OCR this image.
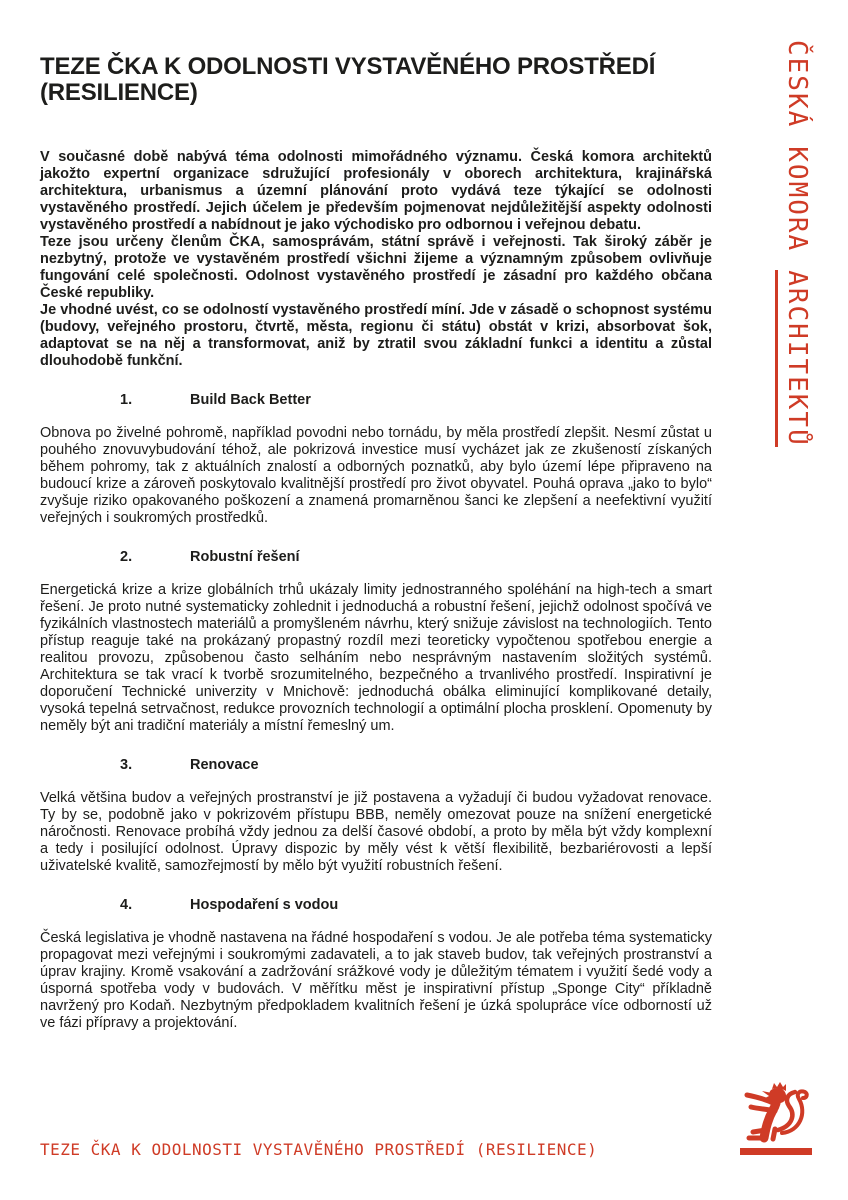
TEZE ČKA K ODOLNOSTI VYSTAVĚNÉHO PROSTŘEDÍ (RESILIENCE)

V současné době nabývá téma odolnosti mimořádného významu. Česká komora architektů jakožto expertní organizace sdružující profesionály v oborech architektura, krajinářská architektura, urbanismus a územní plánování proto vydává teze týkající se odolnosti vystavěného prostředí. Jejich účelem je především pojmenovat nejdůležitější aspekty odolnosti vystavěného prostředí a nabídnout je jako východisko pro odbornou i veřejnou debatu.

Teze jsou určeny členům ČKA, samosprávám, státní správě i veřejnosti. Tak široký záběr je nezbytný, protože ve vystavěném prostředí všichni žijeme a významným způsobem ovlivňuje fungování celé společnosti. Odolnost vystavěného prostředí je zásadní pro každého občana České republiky.

Je vhodné uvést, co se odolností vystavěného prostředí míní. Jde v zásadě o schopnost systému (budovy, veřejného prostoru, čtvrtě, města, regionu či státu) obstát v krizi, absorbovat šok, adaptovat se na něj a transformovat, aniž by ztratil svou základní funkci a identitu a zůstal dlouhodobě funkční.

1.	Build Back Better

Obnova po živelné pohromě, například povodni nebo tornádu, by měla prostředí zlepšit. Nesmí zůstat u pouhého znovuvybudování téhož, ale pokrizová investice musí vycházet jak ze zkušeností získaných během pohromy, tak z aktuálních znalostí a odborných poznatků, aby bylo území lépe připraveno na budoucí krize a zároveň poskytovalo kvalitnější prostředí pro život obyvatel. Pouhá oprava „jako to bylo“ zvyšuje riziko opakovaného poškození a znamená promarněnou šanci ke zlepšení a neefektivní využití veřejných i soukromých prostředků.

2.	Robustní řešení

Energetická krize a krize globálních trhů ukázaly limity jednostranného spoléhání na high-tech a smart řešení. Je proto nutné systematicky zohlednit i jednoduchá a robustní řešení, jejichž odolnost spočívá ve fyzikálních vlastnostech materiálů a promyšleném návrhu, který snižuje závislost na technologiích. Tento přístup reaguje také na prokázaný propastný rozdíl mezi teoreticky vypočtenou spotřebou energie a realitou provozu, způsobenou často selháním nebo nesprávným nastavením složitých systémů. Architektura se tak vrací k tvorbě srozumitelného, bezpečného a trvanlivého prostředí. Inspirativní je doporučení Technické univerzity v Mnichově: jednoduchá obálka eliminující komplikované detaily, vysoká tepelná setrvačnost, redukce provozních technologií a optimální plocha prosklení. Opomenuty by neměly být ani tradiční materiály a místní řemeslný um.

3.	Renovace

Velká většina budov a veřejných prostranství je již postavena a vyžadují či budou vyžadovat renovace. Ty by se, podobně jako v pokrizovém přístupu BBB, neměly omezovat pouze na snížení energetické náročnosti. Renovace probíhá vždy jednou za delší časové období, a proto by měla být vždy komplexní a tedy i posilující odolnost. Úpravy dispozic by měly vést k větší flexibilitě, bezbariérovosti a lepší uživatelské kvalitě, samozřejmostí by mělo být využití robustních řešení.

4.	Hospodaření s vodou

Česká legislativa je vhodně nastavena na řádné hospodaření s vodou. Je ale potřeba téma systematicky propagovat mezi veřejnými i soukromými zadavateli, a to jak staveb budov, tak veřejných prostranství a úprav krajiny. Kromě vsakování a zadržování srážkové vody je důležitým tématem i využití šedé vody a úsporná spotřeba vody v budovách. V měřítku měst je inspirativní přístup „Sponge City“ příkladně navržený pro Kodaň. Nezbytným předpokladem kvalitních řešení je úzká spolupráce více odborností už ve fázi přípravy a projektování.

ČESKÁKOMORAARCHITEKTŮ
TEZE ČKA K ODOLNOSTI VYSTAVĚNÉHO PROSTŘEDÍ (RESILIENCE)
